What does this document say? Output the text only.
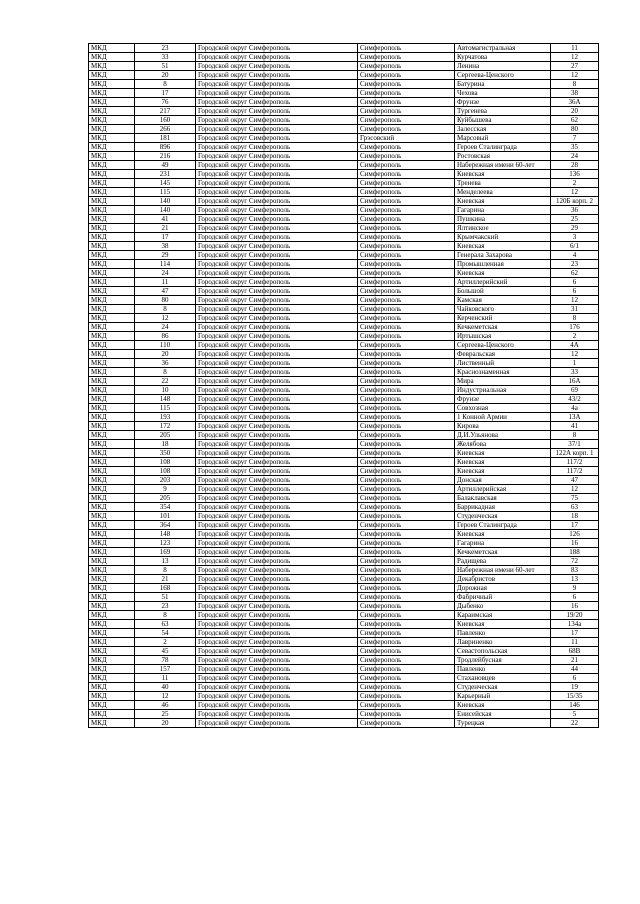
МКД	23	Городской округ Симферополь	Симферополь	Автомагистральная	11
МКД	33	Городской округ Симферополь	Симферополь	Курчатова	12
МКД	51	Городской округ Симферополь	Симферополь	Ленина	27
МКД	20	Городской округ Симферополь	Симферополь	Сергеева-Ценского	12
МКД	8	Городской округ Симферополь	Симферополь	Батурина	8
МКД	17	Городской округ Симферополь	Симферополь	Чехова	38
МКД	76	Городской округ Симферополь	Симферополь	Фрунзе	36А
МКД	217	Городской округ Симферополь	Симферополь	Тургенева	20
МКД	160	Городской округ Симферополь	Симферополь	Куйбышева	62
МКД	266	Городской округ Симферополь	Симферополь	Залесская	80
МКД	181	Городской округ Симферополь	Грэсовский	Марсовый	7
МКД	896	Городской округ Симферополь	Симферополь	Героев Сталинграда	35
МКД	216	Городской округ Симферополь	Симферополь	Ростовская	24
МКД	49	Городской округ Симферополь	Симферополь	Набережная имени 60-лет	28
МКД	231	Городской округ Симферополь	Симферополь	Киевская	136
МКД	145	Городской округ Симферополь	Симферополь	Тренева	2
МКД	115	Городской округ Симферополь	Симферополь	Менделеева	12
МКД	140	Городской округ Симферополь	Симферополь	Киевская	120Б корп. 2
МКД	140	Городской округ Симферополь	Симферополь	Гагарина	36
МКД	41	Городской округ Симферополь	Симферополь	Пушкина	25
МКД	21	Городской округ Симферополь	Симферополь	Ялтинское	29
МКД	17	Городской округ Симферополь	Симферополь	Крымчакский	3
МКД	38	Городской округ Симферополь	Симферополь	Киевская	6/1
МКД	29	Городской округ Симферополь	Симферополь	Генерала Захарова	4
МКД	114	Городской округ Симферополь	Симферополь	Промышленная	23
МКД	24	Городской округ Симферополь	Симферополь	Киевская	62
МКД	11	Городской округ Симферополь	Симферополь	Артиллерийский	6
МКД	47	Городской округ Симферополь	Симферополь	Большой	6
МКД	80	Городской округ Симферополь	Симферополь	Камская	12
МКД	8	Городской округ Симферополь	Симферополь	Чайковского	31
МКД	12	Городской округ Симферополь	Симферополь	Керченский	8
МКД	24	Городской округ Симферополь	Симферополь	Кечкеметская	176
МКД	86	Городской округ Симферополь	Симферополь	Иртышская	2
МКД	110	Городской округ Симферополь	Симферополь	Сергеева-Ценского	4А
МКД	20	Городской округ Симферополь	Симферополь	Февральская	12
МКД	36	Городской округ Симферополь	Симферополь	Лиственный	1
МКД	8	Городской округ Симферополь	Симферополь	Краснознаменная	33
МКД	22	Городской округ Симферополь	Симферополь	Мира	16А
МКД	10	Городской округ Симферополь	Симферополь	Индустриальная	69
МКД	148	Городской округ Симферополь	Симферополь	Фрунзе	43/2
МКД	115	Городской округ Симферополь	Симферополь	Совхозная	4а
МКД	193	Городской округ Симферополь	Симферополь	1 Конной Армии	13А
МКД	172	Городской округ Симферополь	Симферополь	Кирова	41
МКД	205	Городской округ Симферополь	Симферополь	Д.И.Ульянова	8
МКД	18	Городской округ Симферополь	Симферополь	Желябова	37/1
МКД	350	Городской округ Симферополь	Симферополь	Киевская	122А корп. 1
МКД	108	Городской округ Симферополь	Симферополь	Киевская	117/2
МКД	108	Городской округ Симферополь	Симферополь	Киевская	117/2
МКД	203	Городской округ Симферополь	Симферополь	Донская	47
МКД	9	Городской округ Симферополь	Симферополь	Артиллерийская	12
МКД	205	Городской округ Симферополь	Симферополь	Балаклавская	75
МКД	354	Городской округ Симферополь	Симферополь	Баррикадная	63
МКД	101	Городской округ Симферополь	Симферополь	Студенческая	18
МКД	364	Городской округ Симферополь	Симферополь	Героев Сталинграда	17
МКД	148	Городской округ Симферополь	Симферополь	Киевская	126
МКД	123	Городской округ Симферополь	Симферополь	Гагарина	16
МКД	169	Городской округ Симферополь	Симферополь	Кечкеметская	188
МКД	13	Городской округ Симферополь	Симферополь	Радищева	72
МКД	8	Городской округ Симферополь	Симферополь	Набережная имени 60-лет	83
МКД	21	Городской округ Симферополь	Симферополь	Декабристов	13
МКД	168	Городской округ Симферополь	Симферополь	Дорожная	9
МКД	51	Городской округ Симферополь	Симферополь	Фабричный	6
МКД	23	Городской округ Симферополь	Симферополь	Дыбенко	16
МКД	8	Городской округ Симферополь	Симферополь	Караимская	19/20
МКД	63	Городской округ Симферополь	Симферополь	Киевская	134а
МКД	54	Городской округ Симферополь	Симферополь	Павленко	17
МКД	2	Городской округ Симферополь	Симферополь	Лавриненко	11
МКД	45	Городской округ Симферополь	Симферополь	Севастопольская	68В
МКД	78	Городской округ Симферополь	Симферополь	Тродлейбусная	21
МКД	157	Городской округ Симферополь	Симферополь	Павленко	44
МКД	11	Городской округ Симферополь	Симферополь	Стахановцев	6
МКД	40	Городской округ Симферополь	Симферополь	Студенческая	19
МКД	12	Городской округ Симферополь	Симферополь	Карьерный	15/35
МКД	46	Городской округ Симферополь	Симферополь	Киевская	146
МКД	25	Городской округ Симферополь	Симферополь	Енисейская	5
МКД	20	Городской округ Симферополь	Симферополь	Турецкая	22
